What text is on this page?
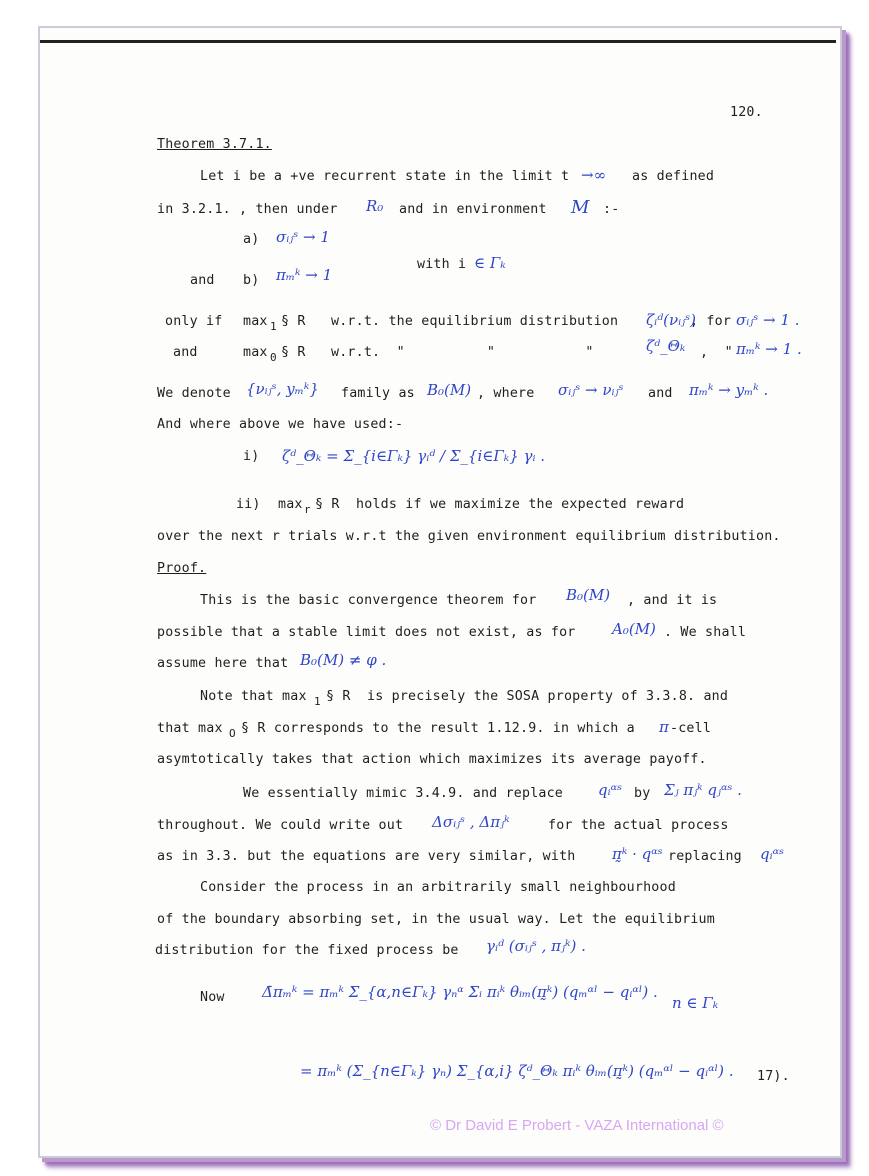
120.
Theorem 3.7.1.
Let i be a +ve recurrent state in the limit t →∞ as defined
in 3.2.1. , then under R₀ and in environment M :-
a) σᵢⱼˢ → 1
and b) πₘᵏ → 1
with i ∈ Γₖ
only if max 1 § R w.r.t. the equilibrium distribution ζᵢᵈ(νᵢⱼˢ)
, for σᵢⱼˢ → 1 .
and	max 0 § R w.r.t.  "          "           "	ζᵈ_Θₖ ,  " πₘᵏ → 1 .
We denote {νᵢⱼˢ, yₘᵏ} family as B₀(M) , where σᵢⱼˢ → νᵢⱼˢ and πₘᵏ → yₘᵏ .
And where above we have used:-
i) ζᵈ_Θₖ = Σ_{i∈Γₖ} γᵢᵈ / Σ_{i∈Γₖ} γᵢ .
ii) max r § R  holds if we maximize the expected reward
over the next r trials w.r.t the given environment equilibrium distribution.
Proof.
This is the basic convergence theorem for B₀(M) , and it is
possible that a stable limit does not exist, as for A₀(M) . We shall
assume here that B₀(M) ≠ φ .
Note that max 1 § R  is precisely the SOSA property of 3.3.8. and
that max O § R corresponds to the result 1.12.9. in which a π -cell
asymtotically takes that action which maximizes its average payoff.
We essentially mimic 3.4.9. and replace qᵢᵅˢ by Σⱼ πⱼᵏ qⱼᵅˢ .
throughout. We could write out Δσᵢⱼˢ , Δπⱼᵏ	for the actual process
as in 3.3. but the equations are very similar, with π̰ᵏ · qᵅˢ replacing qᵢᵅˢ
Consider the process in an arbitrarily small neighbourhood
of the boundary absorbing set, in the usual way. Let the equilibrium
distribution for the fixed process be γᵢᵈ (σᵢⱼˢ , πⱼᵏ) .
Now Δ̄πₘᵏ = πₘᵏ Σ_{α,n∈Γₖ} γₙᵅ Σᵢ πᵢᵏ θᵢₘ(π̰ᵏ) (qₘᵅˡ − qᵢᵅˡ) .
n ∈ Γₖ
= πₘᵏ (Σ_{n∈Γₖ} γₙ) Σ_{α,i} ζᵈ_Θₖ πᵢᵏ θᵢₘ(π̰ᵏ) (qₘᵅˡ − qᵢᵅˡ) . 17).
© Dr David E Probert - VAZA International ©
